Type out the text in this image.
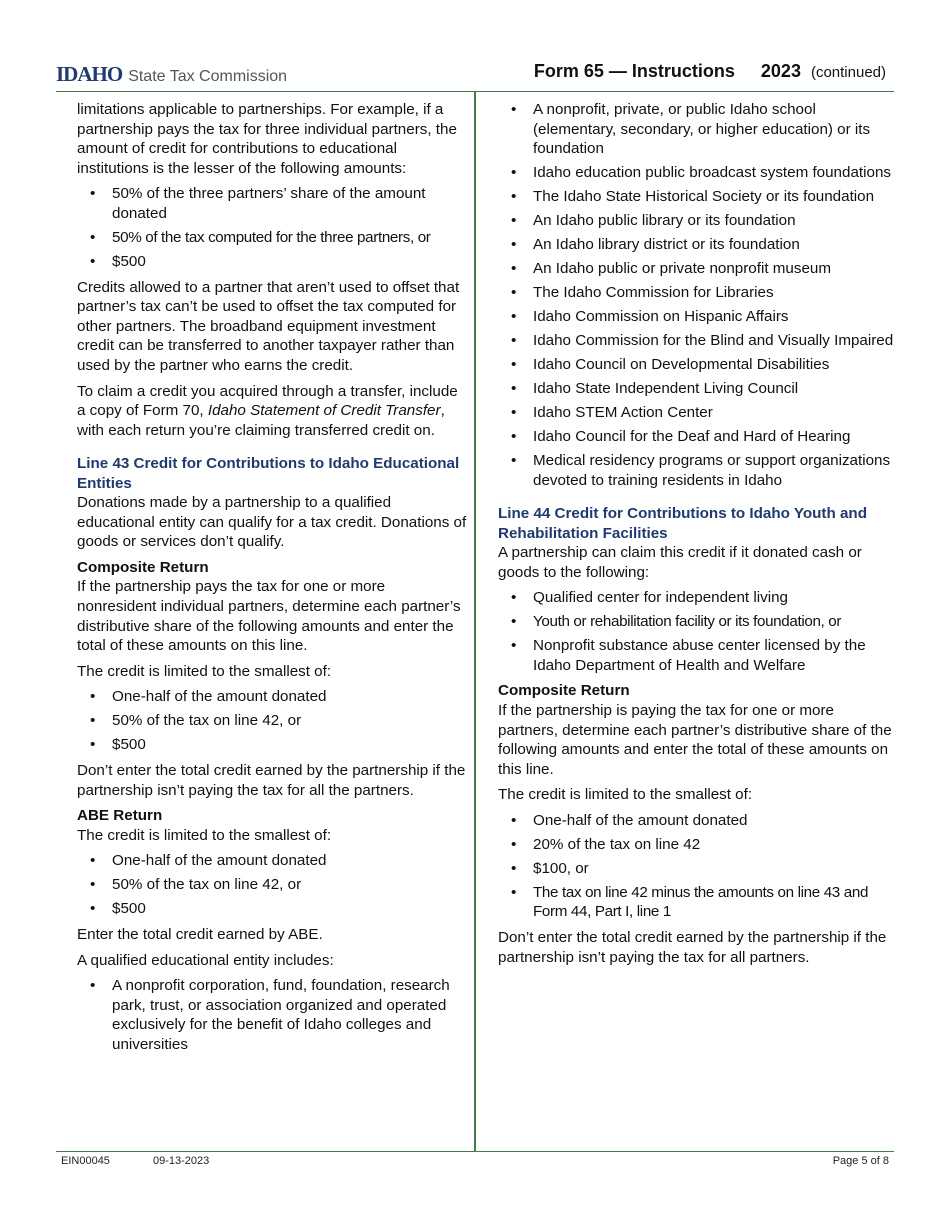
IDAHO State Tax Commission	Form 65 — Instructions 2023 (continued)

limitations applicable to partnerships. For example, if a partnership pays the tax for three individual partners, the amount of credit for contributions to educational institutions is the lesser of the following amounts:

• 50% of the three partners’ share of the amount donated
• 50% of the tax computed for the three partners, or
• $500

Credits allowed to a partner that aren’t used to offset that partner’s tax can’t be used to offset the tax computed for other partners. The broadband equipment investment credit can be transferred to another taxpayer rather than used by the partner who earns the credit.

To claim a credit you acquired through a transfer, include a copy of Form 70, Idaho Statement of Credit Transfer, with each return you’re claiming transferred credit on.

Line 43 Credit for Contributions to Idaho Educational Entities

Donations made by a partnership to a qualified educational entity can qualify for a tax credit. Donations of goods or services don’t qualify.

Composite Return

If the partnership pays the tax for one or more nonresident individual partners, determine each partner’s distributive share of the following amounts and enter the total of these amounts on this line.

The credit is limited to the smallest of:

• One-half of the amount donated
• 50% of the tax on line 42, or
• $500

Don’t enter the total credit earned by the partnership if the partnership isn’t paying the tax for all the partners.

ABE Return

The credit is limited to the smallest of:

• One-half of the amount donated
• 50% of the tax on line 42, or
• $500

Enter the total credit earned by ABE.

A qualified educational entity includes:

• A nonprofit corporation, fund, foundation, research park, trust, or association organized and operated exclusively for the benefit of Idaho colleges and universities
• A nonprofit, private, or public Idaho school (elementary, secondary, or higher education) or its foundation
• Idaho education public broadcast system foundations
• The Idaho State Historical Society or its foundation
• An Idaho public library or its foundation
• An Idaho library district or its foundation
• An Idaho public or private nonprofit museum
• The Idaho Commission for Libraries
• Idaho Commission on Hispanic Affairs
• Idaho Commission for the Blind and Visually Impaired
• Idaho Council on Developmental Disabilities
• Idaho State Independent Living Council
• Idaho STEM Action Center
• Idaho Council for the Deaf and Hard of Hearing
• Medical residency programs or support organizations devoted to training residents in Idaho
Line 44 Credit for Contributions to Idaho Youth and Rehabilitation Facilities

A partnership can claim this credit if it donated cash or goods to the following:

• Qualified center for independent living
• Youth or rehabilitation facility or its foundation, or
• Nonprofit substance abuse center licensed by the Idaho Department of Health and Welfare
Composite Return

If the partnership is paying the tax for one or more partners, determine each partner’s distributive share of the following amounts and enter the total of these amounts on this line.

The credit is limited to the smallest of:

• One-half of the amount donated
• 20% of the tax on line 42
• $100, or
• The tax on line 42 minus the amounts on line 43 and Form 44, Part I, line 1

Don’t enter the total credit earned by the partnership if the partnership isn’t paying the tax for all partners.

EIN00045	09-13-2023	Page 5 of 8
